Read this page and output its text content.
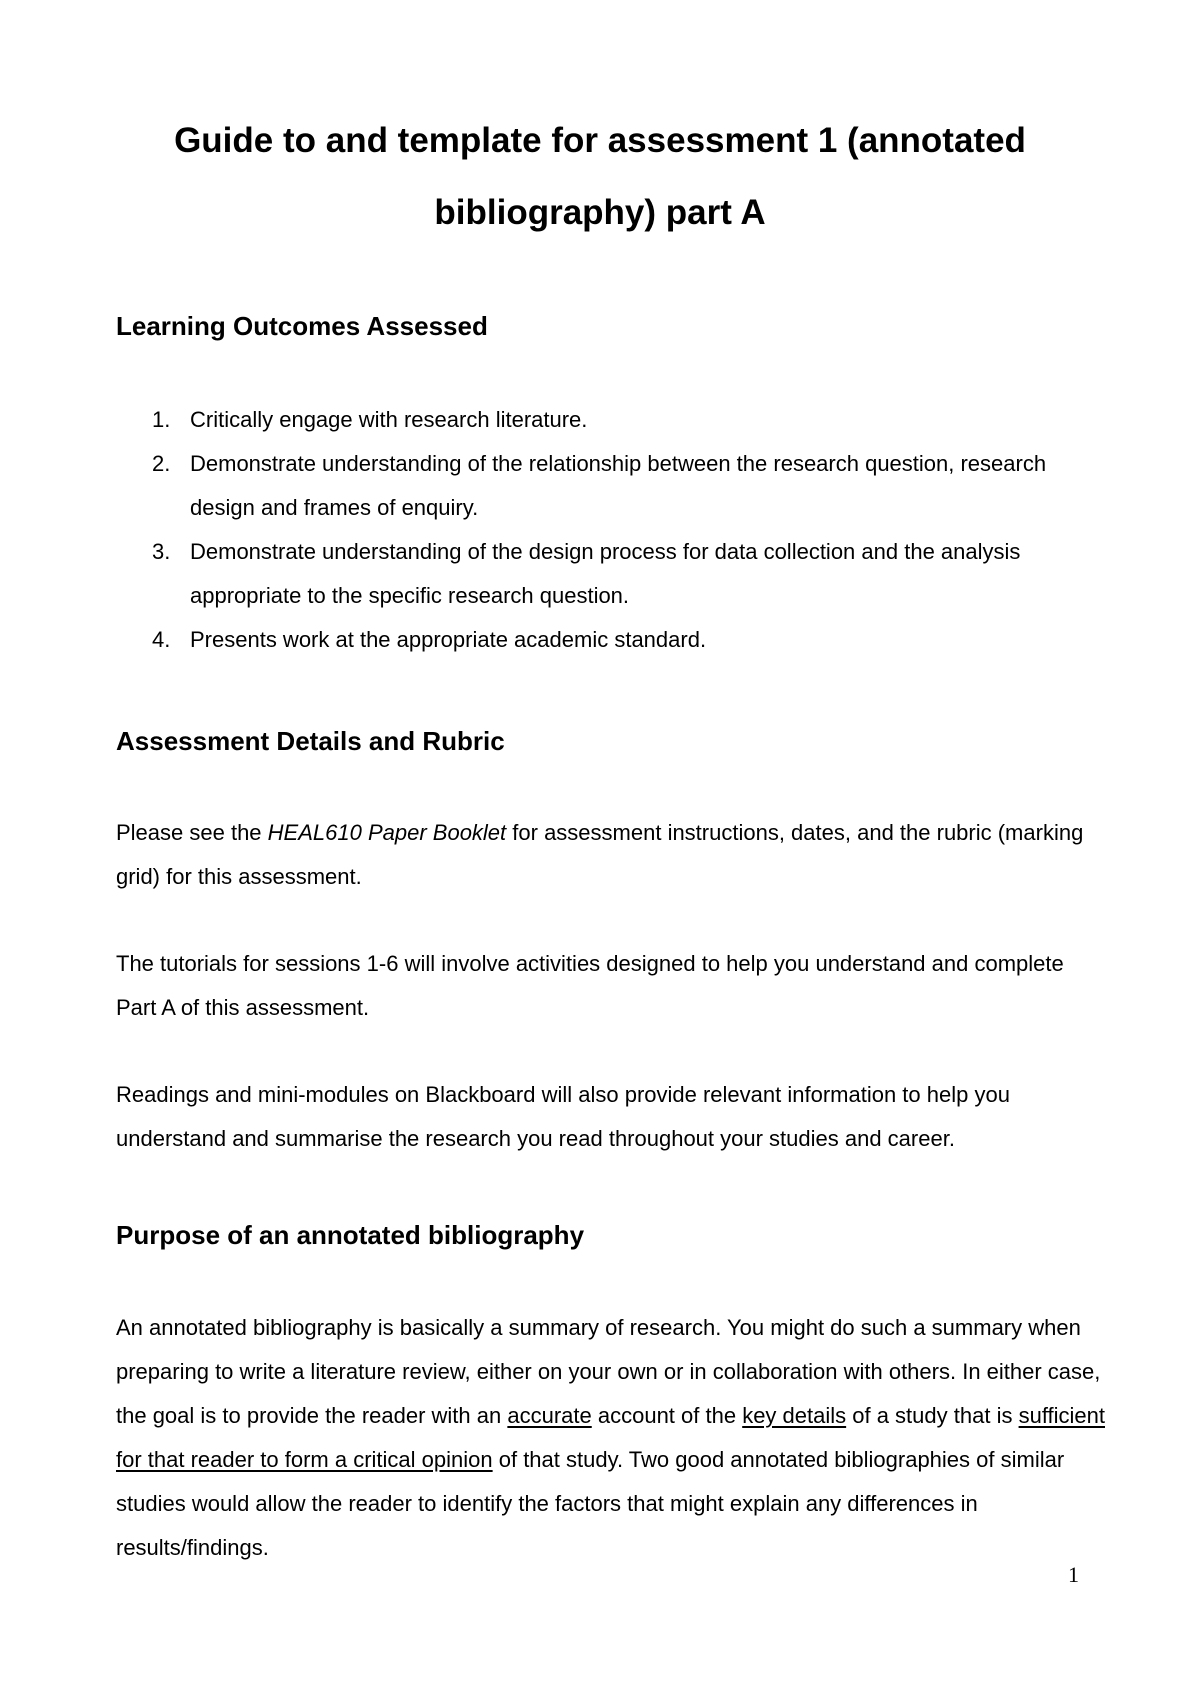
Guide to and template for assessment 1 (annotated
bibliography) part A
Learning Outcomes Assessed
1. Critically engage with research literature.
2. Demonstrate understanding of the relationship between the research question, research design and frames of enquiry.
3. Demonstrate understanding of the design process for data collection and the analysis appropriate to the specific research question.
4. Presents work at the appropriate academic standard.
Assessment Details and Rubric

Please see the HEAL610 Paper Booklet for assessment instructions, dates, and the rubric (marking grid) for this assessment.

The tutorials for sessions 1-6 will involve activities designed to help you understand and complete Part A of this assessment.

Readings and mini-modules on Blackboard will also provide relevant information to help you understand and summarise the research you read throughout your studies and career.

Purpose of an annotated bibliography

An annotated bibliography is basically a summary of research. You might do such a summary when preparing to write a literature review, either on your own or in collaboration with others. In either case, the goal is to provide the reader with an accurate account of the key details of a study that is sufficient for that reader to form a critical opinion of that study. Two good annotated bibliographies of similar studies would allow the reader to identify the factors that might explain any differences in results/findings.

1
